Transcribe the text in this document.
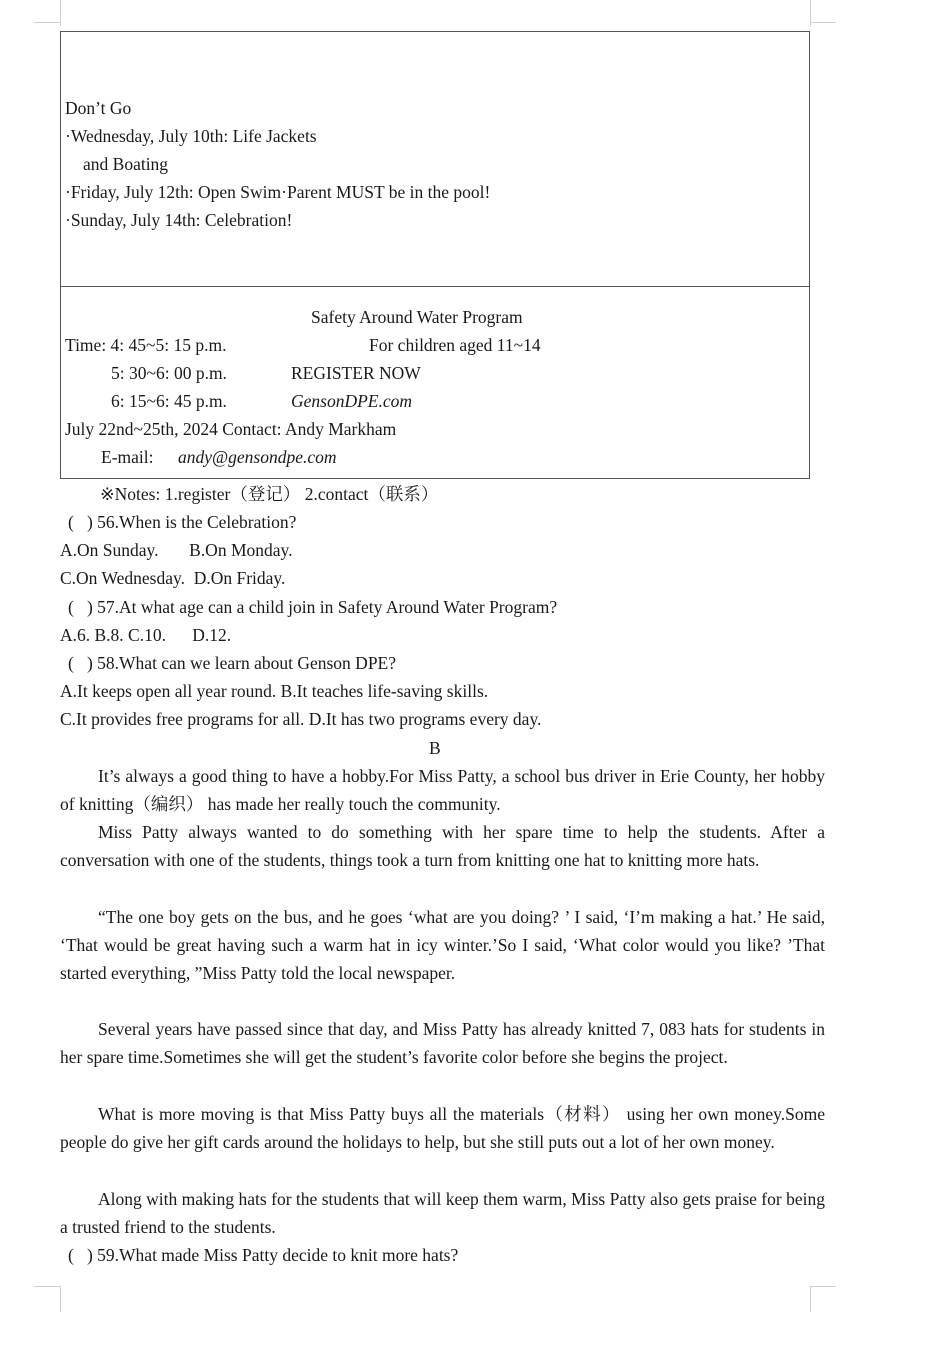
Don’t Go
·Wednesday, July 10th: Life Jackets
and Boating
·Friday, July 12th: Open Swim·Parent MUST be in the pool!
·Sunday, July 14th: Celebration!
Safety Around Water Program
Time: 4: 45~5: 15 p.m.	For children aged 11~14
5: 30~6: 00 p.m.	REGISTER NOW
6: 15~6: 45 p.m.	GensonDPE.com
July 22nd~25th, 2024 Contact: Andy Markham
E-mail: andy@gensondpe.com
※Notes: 1.register（登记） 2.contact（联系）
(   ) 56.When is the Celebration?
A.On Sunday.       B.On Monday.
C.On Wednesday.  D.On Friday.
(   ) 57.At what age can a child join in Safety Around Water Program?
A.6. B.8. C.10.      D.12.
(   ) 58.What can we learn about Genson DPE?
A.It keeps open all year round. B.It teaches life-saving skills.
C.It provides free programs for all. D.It has two programs every day.
B
It’s always a good thing to have a hobby.For Miss Patty, a school bus driver in Erie County, her hobby of knitting（编织） has made her really touch the community.
Miss Patty always wanted to do something with her spare time to help the students. After a conversation with one of the students, things took a turn from knitting one hat to knitting more hats.
“The one boy gets on the bus, and he goes ‘what are you doing? ’ I said, ‘I’m making a hat.’ He said, ‘That would be great having such a warm hat in icy winter.’So I said, ‘What color would you like? ’That started everything, ”Miss Patty told the local newspaper.
Several years have passed since that day, and Miss Patty has already knitted 7, 083 hats for students in her spare time.Sometimes she will get the student’s favorite color before she begins the project.
What is more moving is that Miss Patty buys all the materials（材料） using her own money.Some people do give her gift cards around the holidays to help, but she still puts out a lot of her own money.
Along with making hats for the students that will keep them warm, Miss Patty also gets praise for being a trusted friend to the students.
(   ) 59.What made Miss Patty decide to knit more hats?
